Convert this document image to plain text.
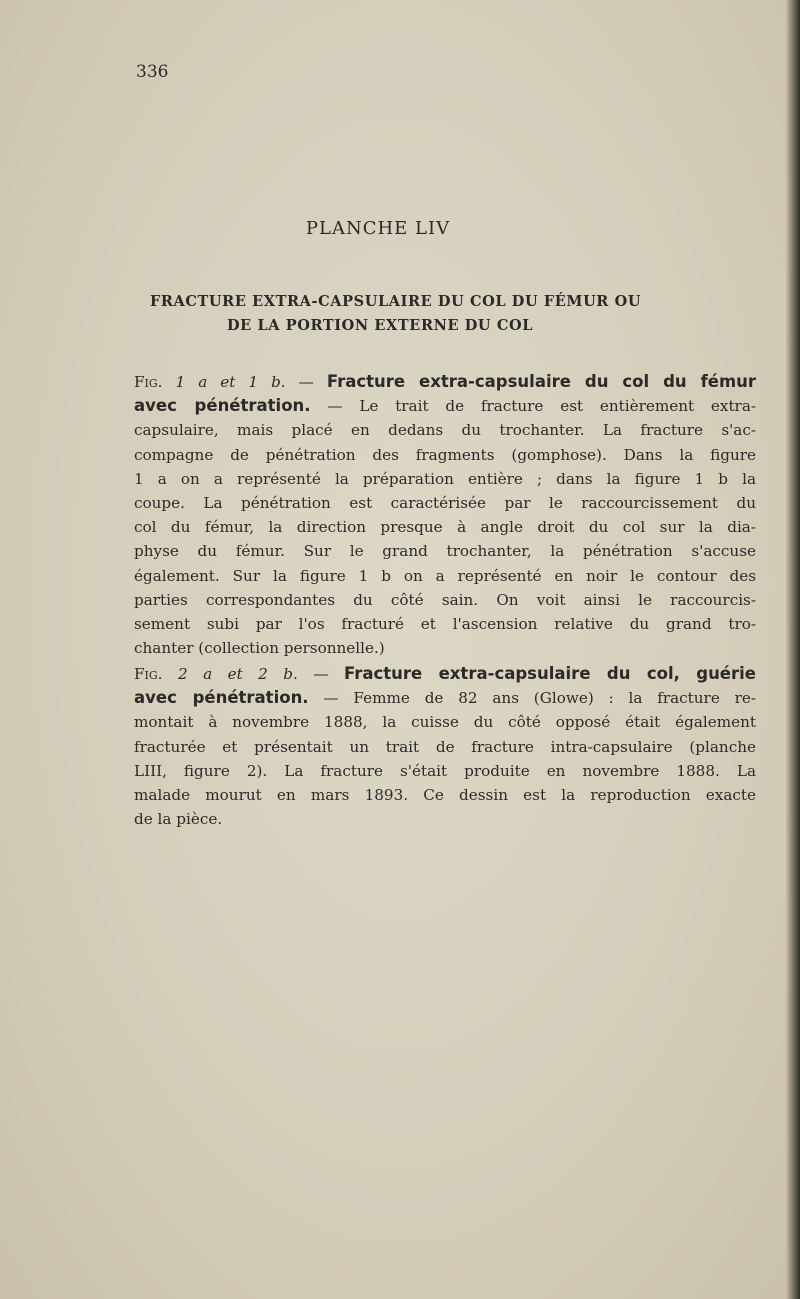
336
PLANCHE LIV
FRACTURE EXTRA-CAPSULAIRE DU COL DU FÉMUR OU
DE LA PORTION EXTERNE DU COL
Fig. 1 a et 1 b. — Fracture extra-capsulaire du col du fémur
avec pénétration. — Le trait de fracture est entièrement extra-
capsulaire, mais placé en dedans du trochanter. La fracture s'ac-
compagne de pénétration des fragments (gomphose). Dans la figure
1 a on a représenté la préparation entière ; dans la figure 1 b la
coupe. La pénétration est caractérisée par le raccourcissement du
col du fémur, la direction presque à angle droit du col sur la dia-
physe du fémur. Sur le grand trochanter, la pénétration s'accuse
également. Sur la figure 1 b on a représenté en noir le contour des
parties correspondantes du côté sain. On voit ainsi le raccourcis-
sement subi par l'os fracturé et l'ascension relative du grand tro-
chanter (collection personnelle.)
Fig. 2 a et 2 b. — Fracture extra-capsulaire du col, guérie
avec pénétration. — Femme de 82 ans (Glowe) : la fracture re-
montait à novembre 1888, la cuisse du côté opposé était également
fracturée et présentait un trait de fracture intra-capsulaire (planche
LIII, figure 2). La fracture s'était produite en novembre 1888. La
malade mourut en mars 1893. Ce dessin est la reproduction exacte
de la pièce.
